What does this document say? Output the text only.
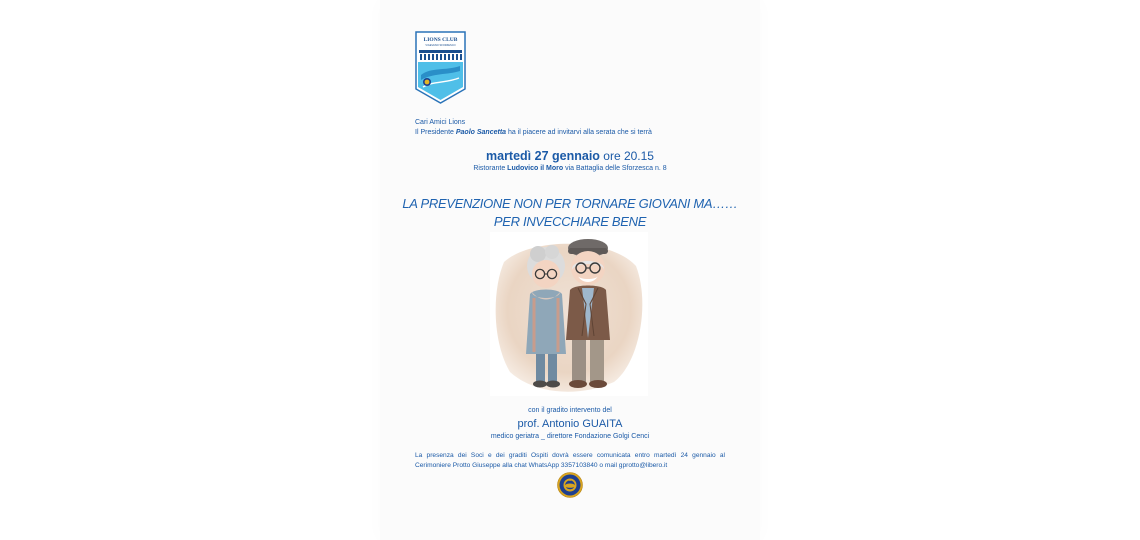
LIONS CLUB
VIGEVANO SFORZESCO
Cari Amici Lions
Il Presidente Paolo Sancetta ha il piacere ad invitarvi alla serata che si terrà
martedì 27 gennaio ore 20.15
Ristorante Ludovico il Moro via Battaglia delle Sforzesca n. 8
LA PREVENZIONE NON PER TORNARE GIOVANI MA……
PER INVECCHIARE BENE
con il gradito intervento del
prof. Antonio GUAITA
medico geriatra _ direttore Fondazione Golgi Cenci
La presenza dei Soci e dei graditi Ospiti dovrà essere comunicata entro martedì 24 gennaio al Cerimoniere Protto Giuseppe alla chat WhatsApp 3357103840 o mail gprotto@libero.it
